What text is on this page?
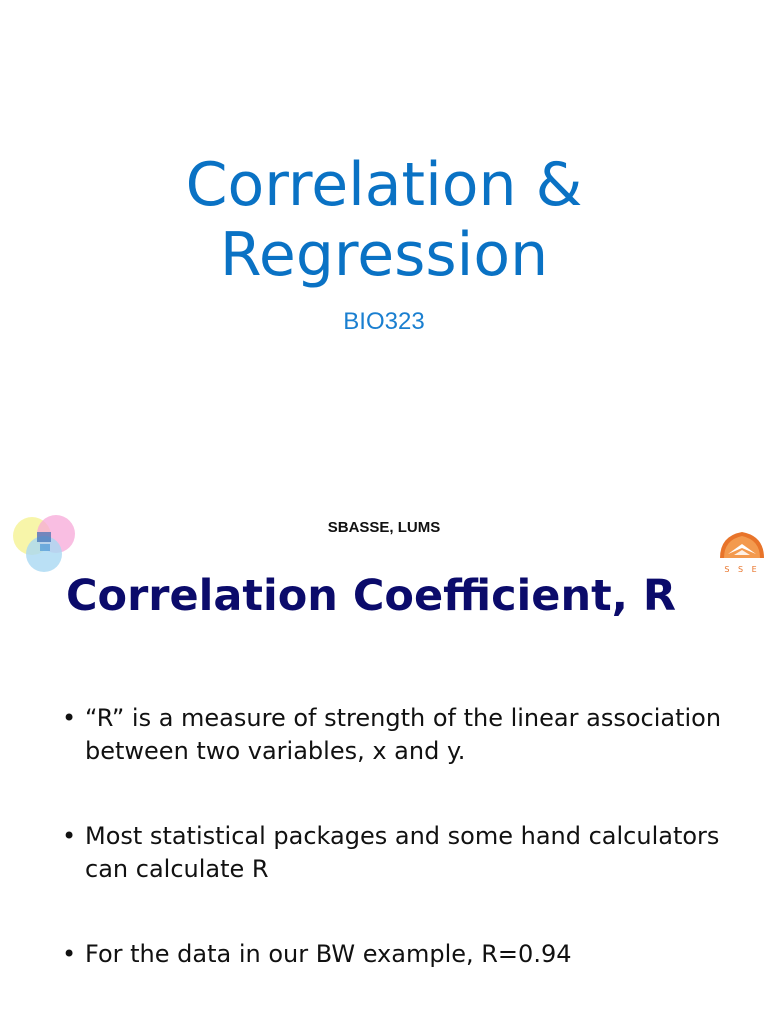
Correlation &
Regression
BIO323
SBASSE, LUMS
S S E
Correlation Coefficient, R
• “R” is a measure of strength of the linear association between two variables, x and y.
• Most statistical packages and some hand calculators can calculate R
• For the data in our BW example, R=0.94
